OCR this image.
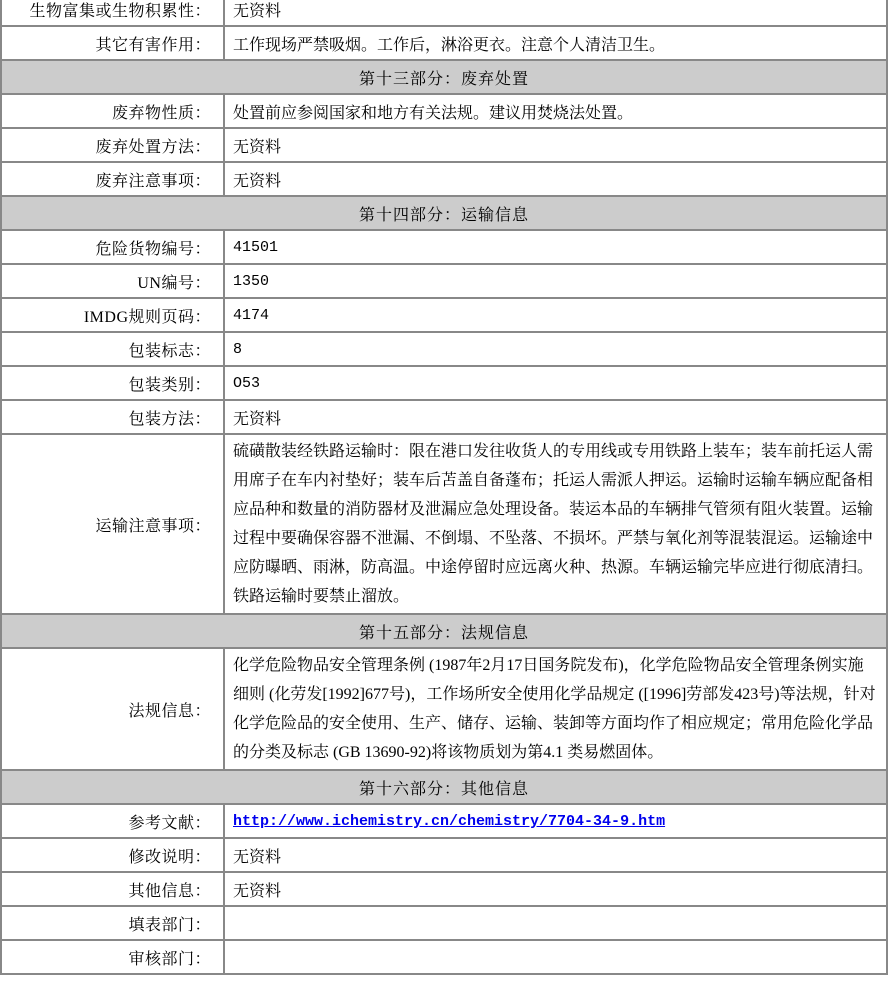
生物富集或生物积累性：	无资料
其它有害作用：	工作现场严禁吸烟。工作后，淋浴更衣。注意个人清洁卫生。
第十三部分：废弃处置	
废弃物性质：	处置前应参阅国家和地方有关法规。建议用焚烧法处置。
废弃处置方法：	无资料
废弃注意事项：	无资料
第十四部分：运输信息	
危险货物编号：	41501
UN编号：	1350
IMDG规则页码：	4174
包装标志：	8
包装类别：	O53
包装方法：	无资料
运输注意事项：	硫磺散装经铁路运输时：限在港口发往收货人的专用线或专用铁路上装车；装车前托运人需用席子在车内衬垫好；装车后苫盖自备蓬布；托运人需派人押运。运输时运输车辆应配备相应品种和数量的消防器材及泄漏应急处理设备。装运本品的车辆排气管须有阻火装置。运输过程中要确保容器不泄漏、不倒塌、不坠落、不损坏。严禁与氧化剂等混装混运。运输途中应防曝晒、雨淋，防高温。中途停留时应远离火种、热源。车辆运输完毕应进行彻底清扫。铁路运输时要禁止溜放。
第十五部分：法规信息	
法规信息：	化学危险物品安全管理条例 (1987年2月17日国务院发布)，化学危险物品安全管理条例实施细则 (化劳发[1992]677号)，工作场所安全使用化学品规定 ([1996]劳部发423号)等法规，针对化学危险品的安全使用、生产、储存、运输、装卸等方面均作了相应规定；常用危险化学品的分类及标志 (GB 13690-92)将该物质划为第4.1 类易燃固体。
第十六部分：其他信息	
参考文献：	http://www.ichemistry.cn/chemistry/7704-34-9.htm
修改说明：	无资料
其他信息：	无资料
填表部门：	
审核部门：	
